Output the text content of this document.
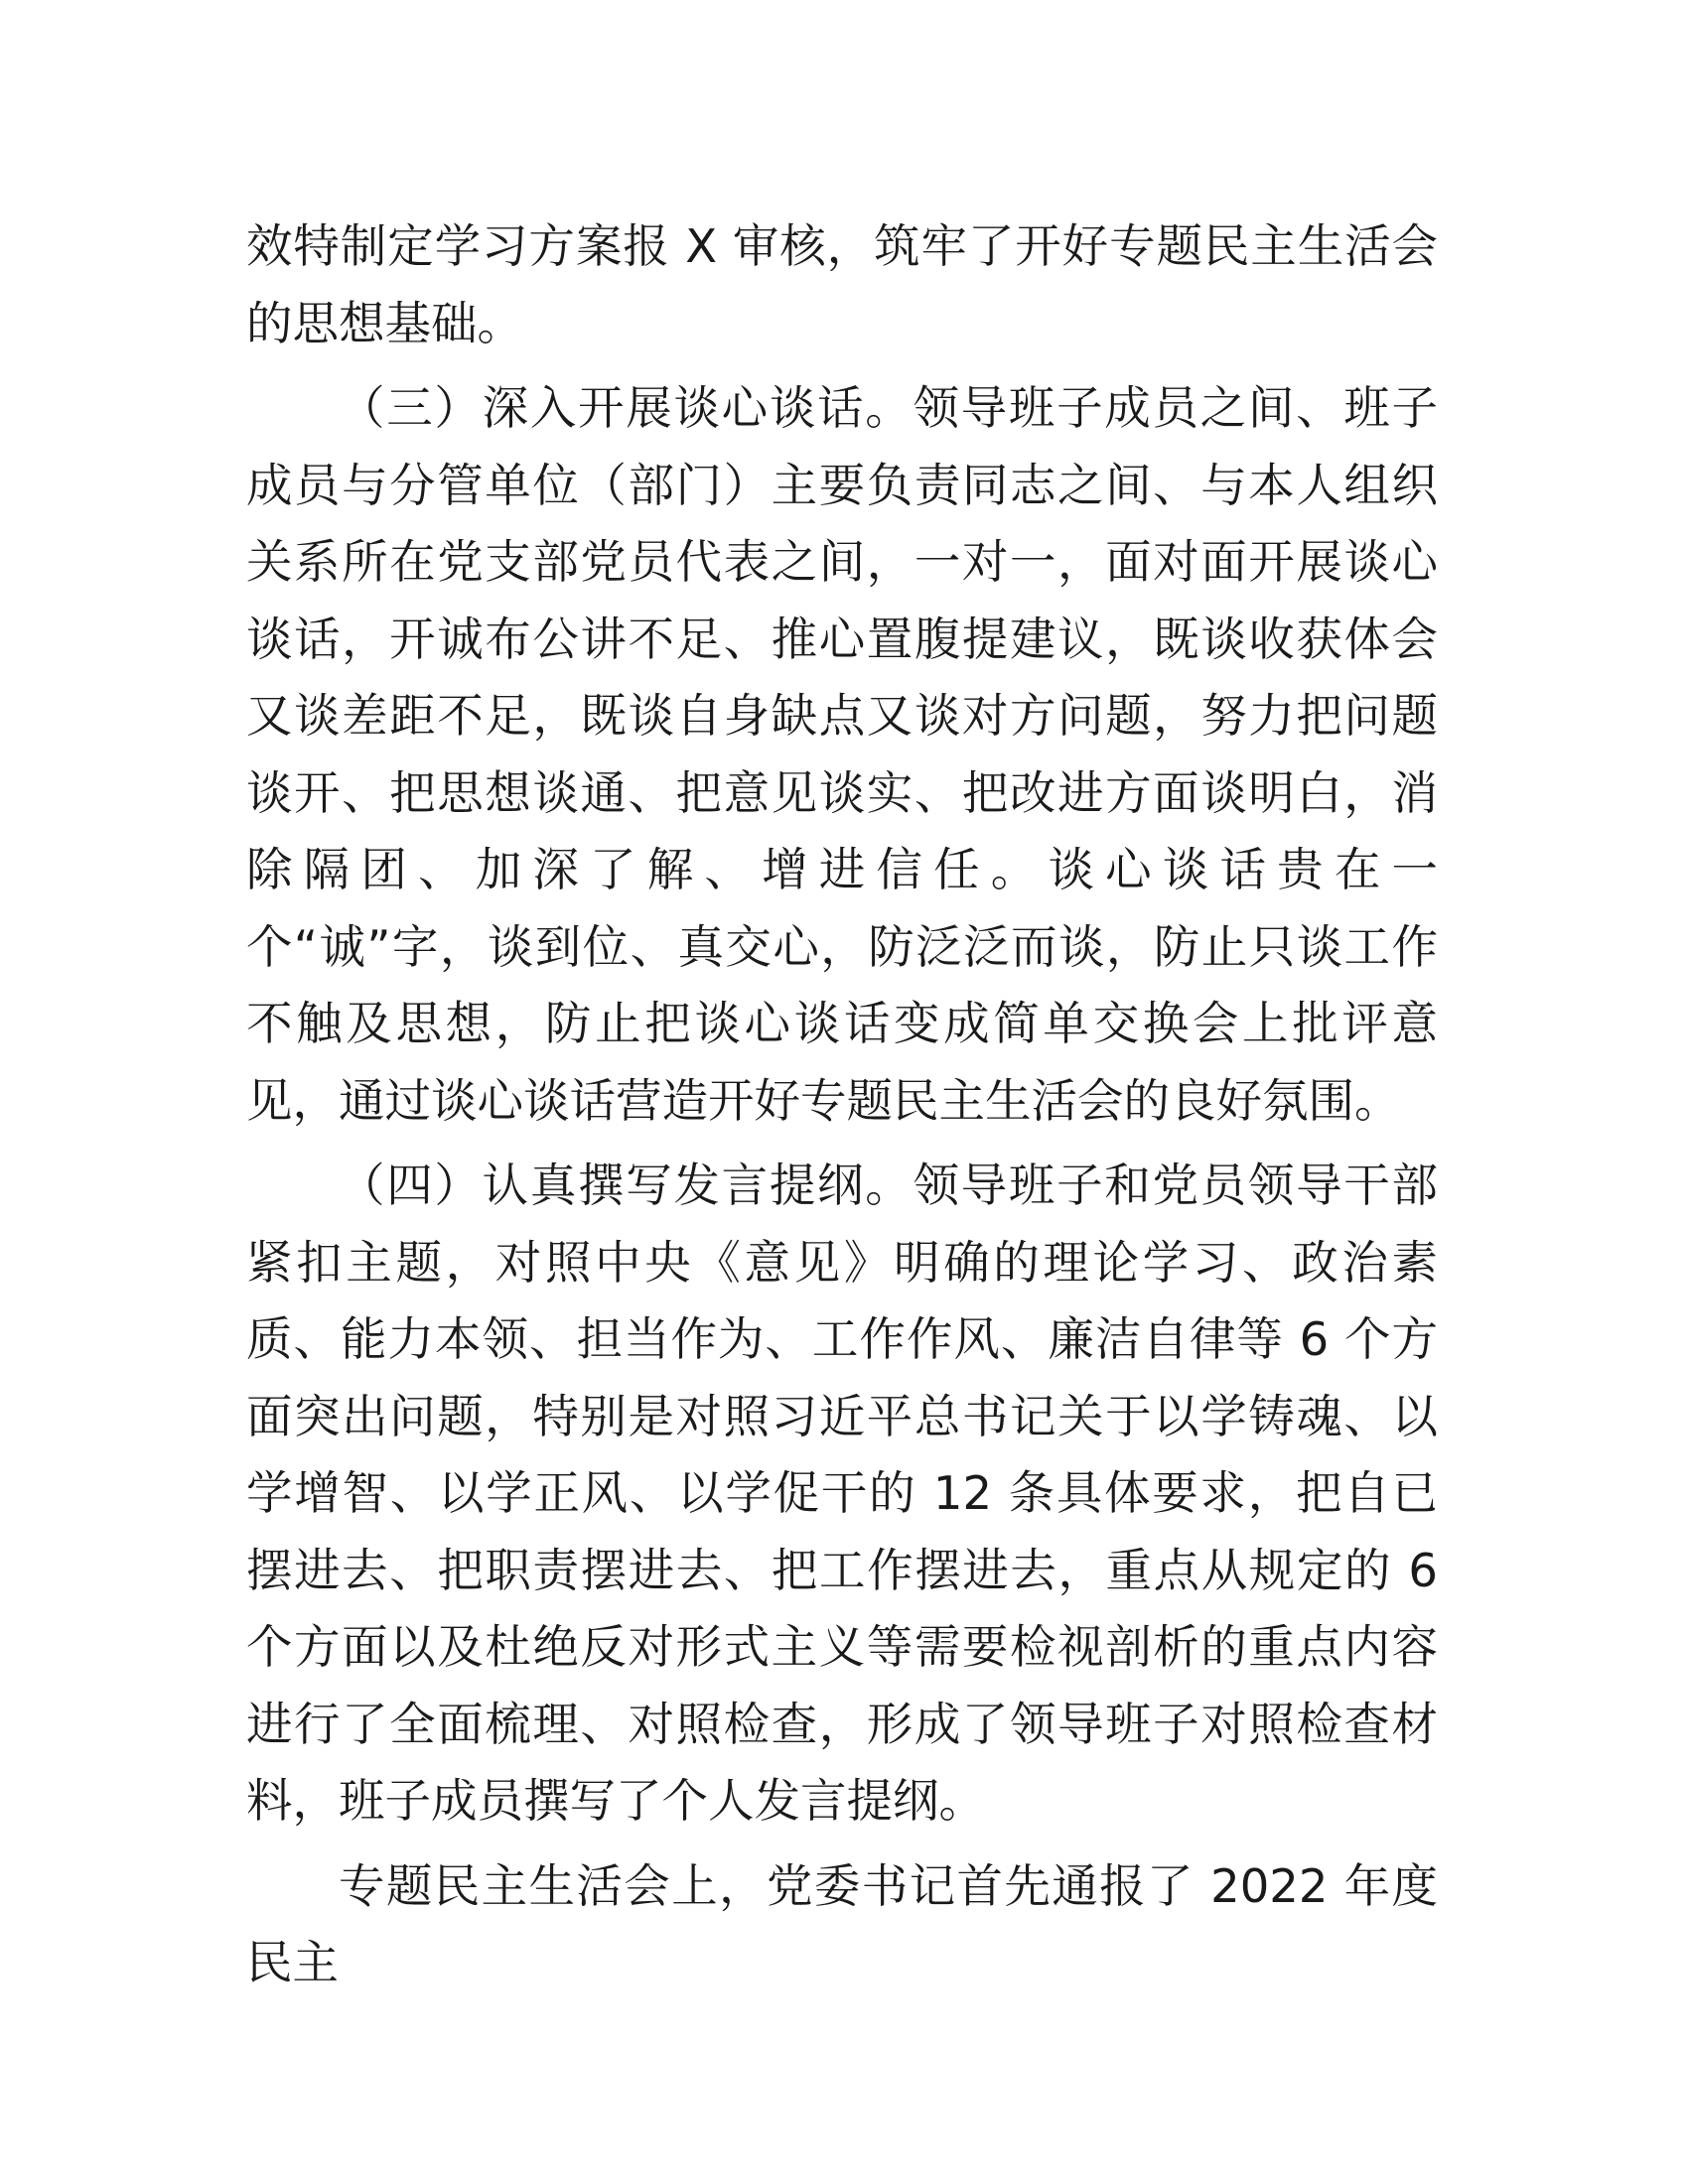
效特制定学习方案报 X 审核，筑牢了开好专题民主生活会的思想基础。

（三）深入开展谈心谈话。领导班子成员之间、班子成员与分管单位（部门）主要负责同志之间、与本人组织关系所在党支部党员代表之间，一对一，面对面开展谈心谈话，开诚布公讲不足、推心置腹提建议，既谈收获体会又谈差距不足，既谈自身缺点又谈对方问题，努力把问题谈开、把思想谈通、把意见谈实、把改进方面谈明白，消除隔团、加深了解、增进信任。谈心谈话贵在一个“诚”字，谈到位、真交心，防泛泛而谈，防止只谈工作不触及思想，防止把谈心谈话变成简单交换会上批评意见，通过谈心谈话营造开好专题民主生活会的良好氛围。

（四）认真撰写发言提纲。领导班子和党员领导干部紧扣主题，对照中央《意见》明确的理论学习、政治素质、能力本领、担当作为、工作作风、廉洁自律等 6 个方面突出问题，特别是对照习近平总书记关于以学铸魂、以学增智、以学正风、以学促干的 12 条具体要求，把自已摆进去、把职责摆进去、把工作摆进去，重点从规定的 6 个方面以及杜绝反对形式主义等需要检视剖析的重点内容进行了全面梳理、对照检查，形成了领导班子对照检查材料，班子成员撰写了个人发言提纲。

专题民主生活会上，党委书记首先通报了 2022 年度民主
